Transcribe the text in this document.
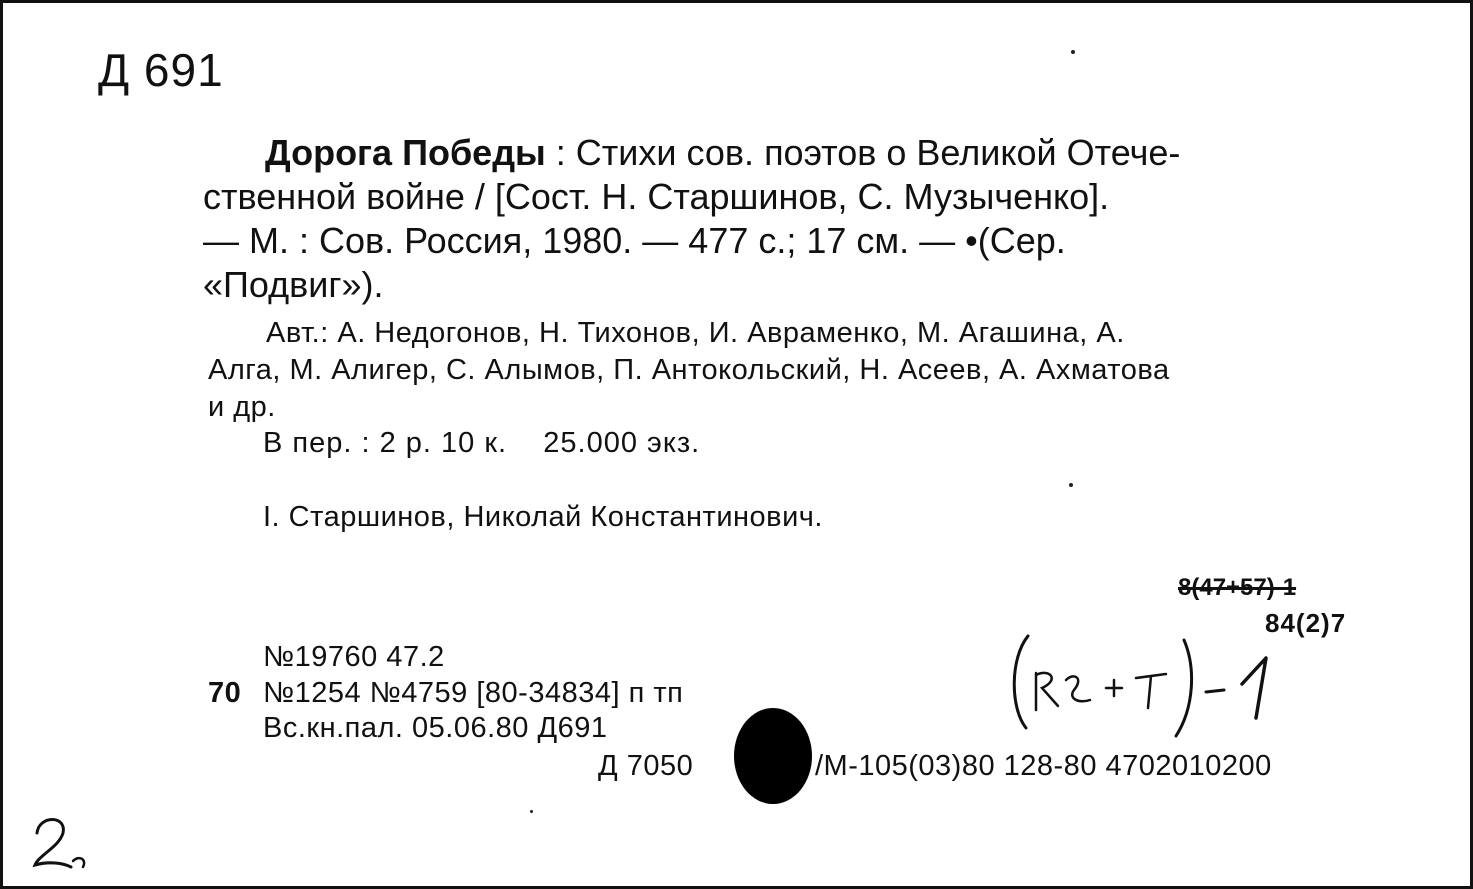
Д 691
Дорога Победы : Стихи сов. поэтов о Великой Отече-
ственной войне / [Сост. Н. Старшинов, С. Музыченко].
— М. : Сов. Россия, 1980. — 477 с.; 17 см. — •(Сер.
«Подвиг»).
Авт.: А. Недогонов, Н. Тихонов, И. Авраменко, М. Агашина, А.
Алга, М. Алигер, С. Алымов, П. Антокольский, Н. Асеев, А. Ахматова
и др.
В пер. : 2 р. 10 к.    25.000 экз.
I. Старшинов, Николай Константинович.
8(47+57)-1
84(2)7
№19760 47.2
70 №1254 №4759 [80-34834] п тп
Вс.кн.пал. 05.06.80 Д691
Д 7050	/М-105(03)80 128-80 4702010200
